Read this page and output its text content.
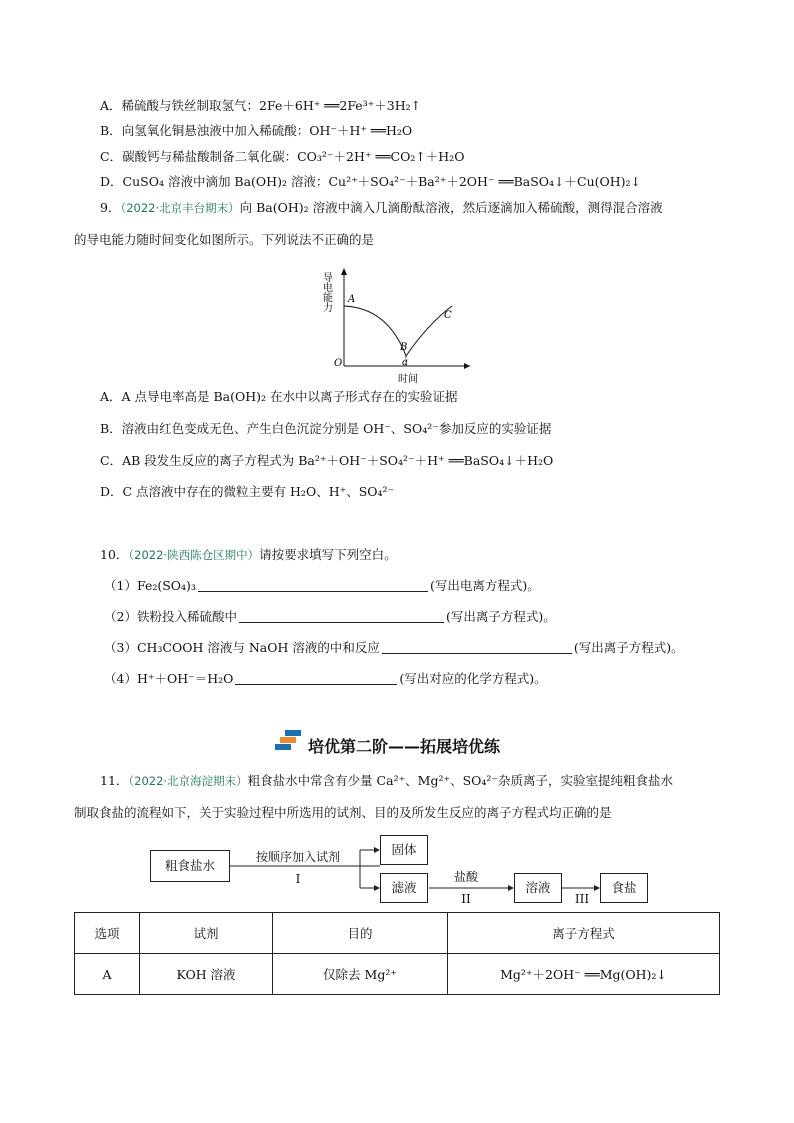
A．稀硫酸与铁丝制取氢气：2Fe＋6H⁺ ══2Fe³⁺＋3H₂↑
B．向氢氧化铜悬浊液中加入稀硫酸：OH⁻＋H⁺ ══H₂O
C．碳酸钙与稀盐酸制备二氧化碳：CO₃²⁻＋2H⁺ ══CO₂↑＋H₂O
D．CuSO₄ 溶液中滴加 Ba(OH)₂ 溶液：Cu²⁺＋SO₄²⁻＋Ba²⁺＋2OH⁻ ══BaSO₄↓＋Cu(OH)₂↓
9．（2022·北京丰台期末）向 Ba(OH)₂ 溶液中滴入几滴酚酞溶液，然后逐滴加入稀硫酸，测得混合溶液
的导电能力随时间变化如图所示。下列说法不正确的是
导电能力
时间
O
A
B
C
a
A．A 点导电率高是 Ba(OH)₂ 在水中以离子形式存在的实验证据
B．溶液由红色变成无色、产生白色沉淀分别是 OH⁻、SO₄²⁻参加反应的实验证据
C．AB 段发生反应的离子方程式为 Ba²⁺＋OH⁻＋SO₄²⁻＋H⁺ ══BaSO₄↓＋H₂O
D．C 点溶液中存在的微粒主要有 H₂O、H⁺、SO₄²⁻
10．（2022·陕西陈仓区期中）请按要求填写下列空白。
（1）Fe₂(SO₄)₃	(写出电离方程式)。
（2）铁粉投入稀硫酸中	(写出离子方程式)。
（3）CH₃COOH 溶液与 NaOH 溶液的中和反应	(写出离子方程式)。
（4）H⁺＋OH⁻＝H₂O	(写出对应的化学方程式)。
培优第二阶——拓展培优练
11．（2022·北京海淀期末）粗食盐水中常含有少量 Ca²⁺、Mg²⁺、SO₄²⁻杂质离子，实验室提纯粗食盐水
制取食盐的流程如下，关于实验过程中所选用的试剂、目的及所发生反应的离子方程式均正确的是
粗食盐水
按顺序加入试剂
I
固体
滤液
盐酸
II
溶液
III
食盐
选项	试剂	目的	离子方程式
A	KOH 溶液	仅除去 Mg²⁺	Mg²⁺＋2OH⁻ ══Mg(OH)₂↓
